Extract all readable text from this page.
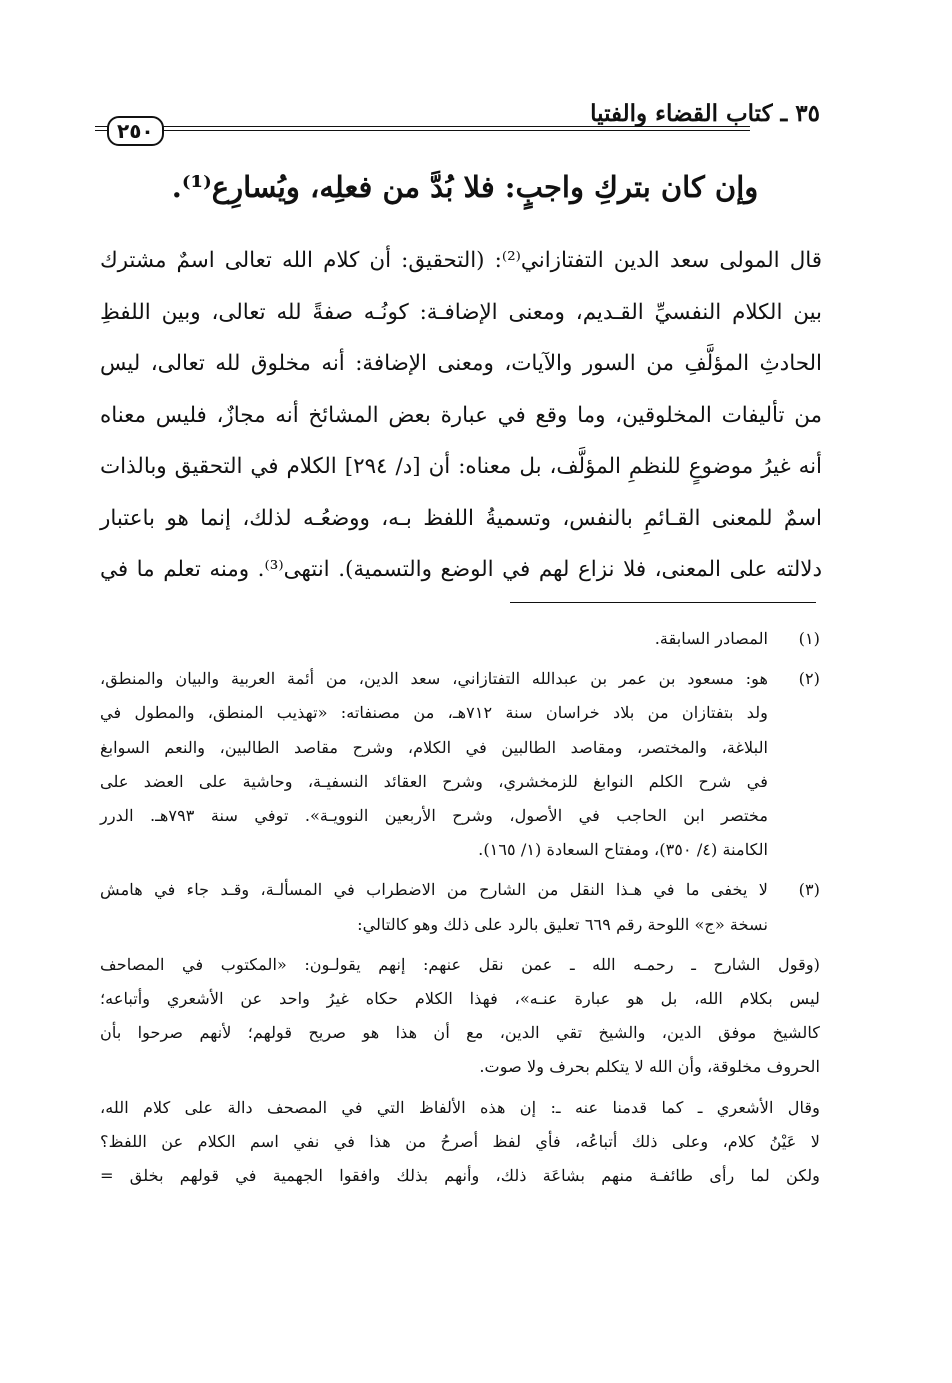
٣٥ ـ كتاب القضاء والفتيا
٢٥٠
وإن كان بتركِ واجبٍ: فلا بُدَّ من فعلِه، ويُسارِع⁽¹⁾.
قال المولى سعد الدين التفتازاني⁽²⁾: (التحقيق: أن كلام الله تعالى اسمٌ مشترك
بين الكلام النفسيِّ القـديم، ومعنى الإضافـة: كونُـه صفةً لله تعالى، وبين اللفظِ
الحادثِ المؤلَّفِ من السور والآيات، ومعنى الإضافة: أنه مخلوق لله تعالى، ليس
من تأليفات المخلوقين، وما وقع في عبارة بعض المشائخ أنه مجازٌ، فليس معناه
أنه غيرُ موضوعٍ للنظمِ المؤلَّف، بل معناه: أن [د/ ٢٩٤] الكلام في التحقيق وبالذات
اسمٌ للمعنى القـائمِ بالنفس، وتسميةُ اللفظ بـه، ووضعُـه لذلك، إنما هو باعتبار
دلالته على المعنى، فلا نزاع لهم في الوضع والتسمية). انتهى⁽³⁾. ومنه تعلم ما في
(١)
المصادر السابقة.
(٢)
هو: مسعود بن عمر بن عبدالله التفتازاني، سعد الدين، من أئمة العربية والبيان والمنطق،
ولد بتفتازان من بلاد خراسان سنة ٧١٢هـ، من مصنفاته: «تهذيب المنطق، والمطول في
البلاغة، والمختصر، ومقاصد الطالبين في الكلام، وشرح مقاصد الطالبين، والنعم السوابغ
في شرح الكلم النوابغ للزمخشري، وشرح العقائد النسفيـة، وحاشية على العضد على
مختصر ابن الحاجب في الأصول، وشرح الأربعين النوويـة». توفي سنة ٧٩٣هـ. الدرر
الكامنة (٤/ ٣٥٠)، ومفتاح السعادة (١/ ١٦٥).
(٣)
لا يخفى ما في هـذا النقل من الشارح من الاضطراب في المسألـة، وقـد جاء في هامش
نسخة «ج» اللوحة رقم ٦٦٩ تعليق بالرد على ذلك وهو كالتالي:
(وقول الشارح ـ رحمـه الله ـ عمن نقل عنهم: إنهم يقولـون: «المكتوب في المصاحف
ليس بكلام الله، بل هو عبارة عنـه»، فهذا الكلام حكاه غيرُ واحد عن الأشعري وأتباعه؛
كالشيخ موفق الدين، والشيخ تقي الدين، مع أن هذا هو صريح قولهم؛ لأنهم صرحوا بأن
الحروف مخلوقة، وأن الله لا يتكلم بحرف ولا صوت.
وقال الأشعري ـ كما قدمنا عنه ـ: إن هذه الألفاظ التي في المصحف دالة على كلام الله،
لا عَيْنُ كلام، وعلى ذلك أتباعُه، فأي لفظ أصرحُ من هذا في نفي اسم الكلام عن اللفظ؟
ولكن لما رأى طائفـة منهم بشاعَة ذلك، وأنهم بذلك وافقوا الجهمية في قولهم بخلق =
